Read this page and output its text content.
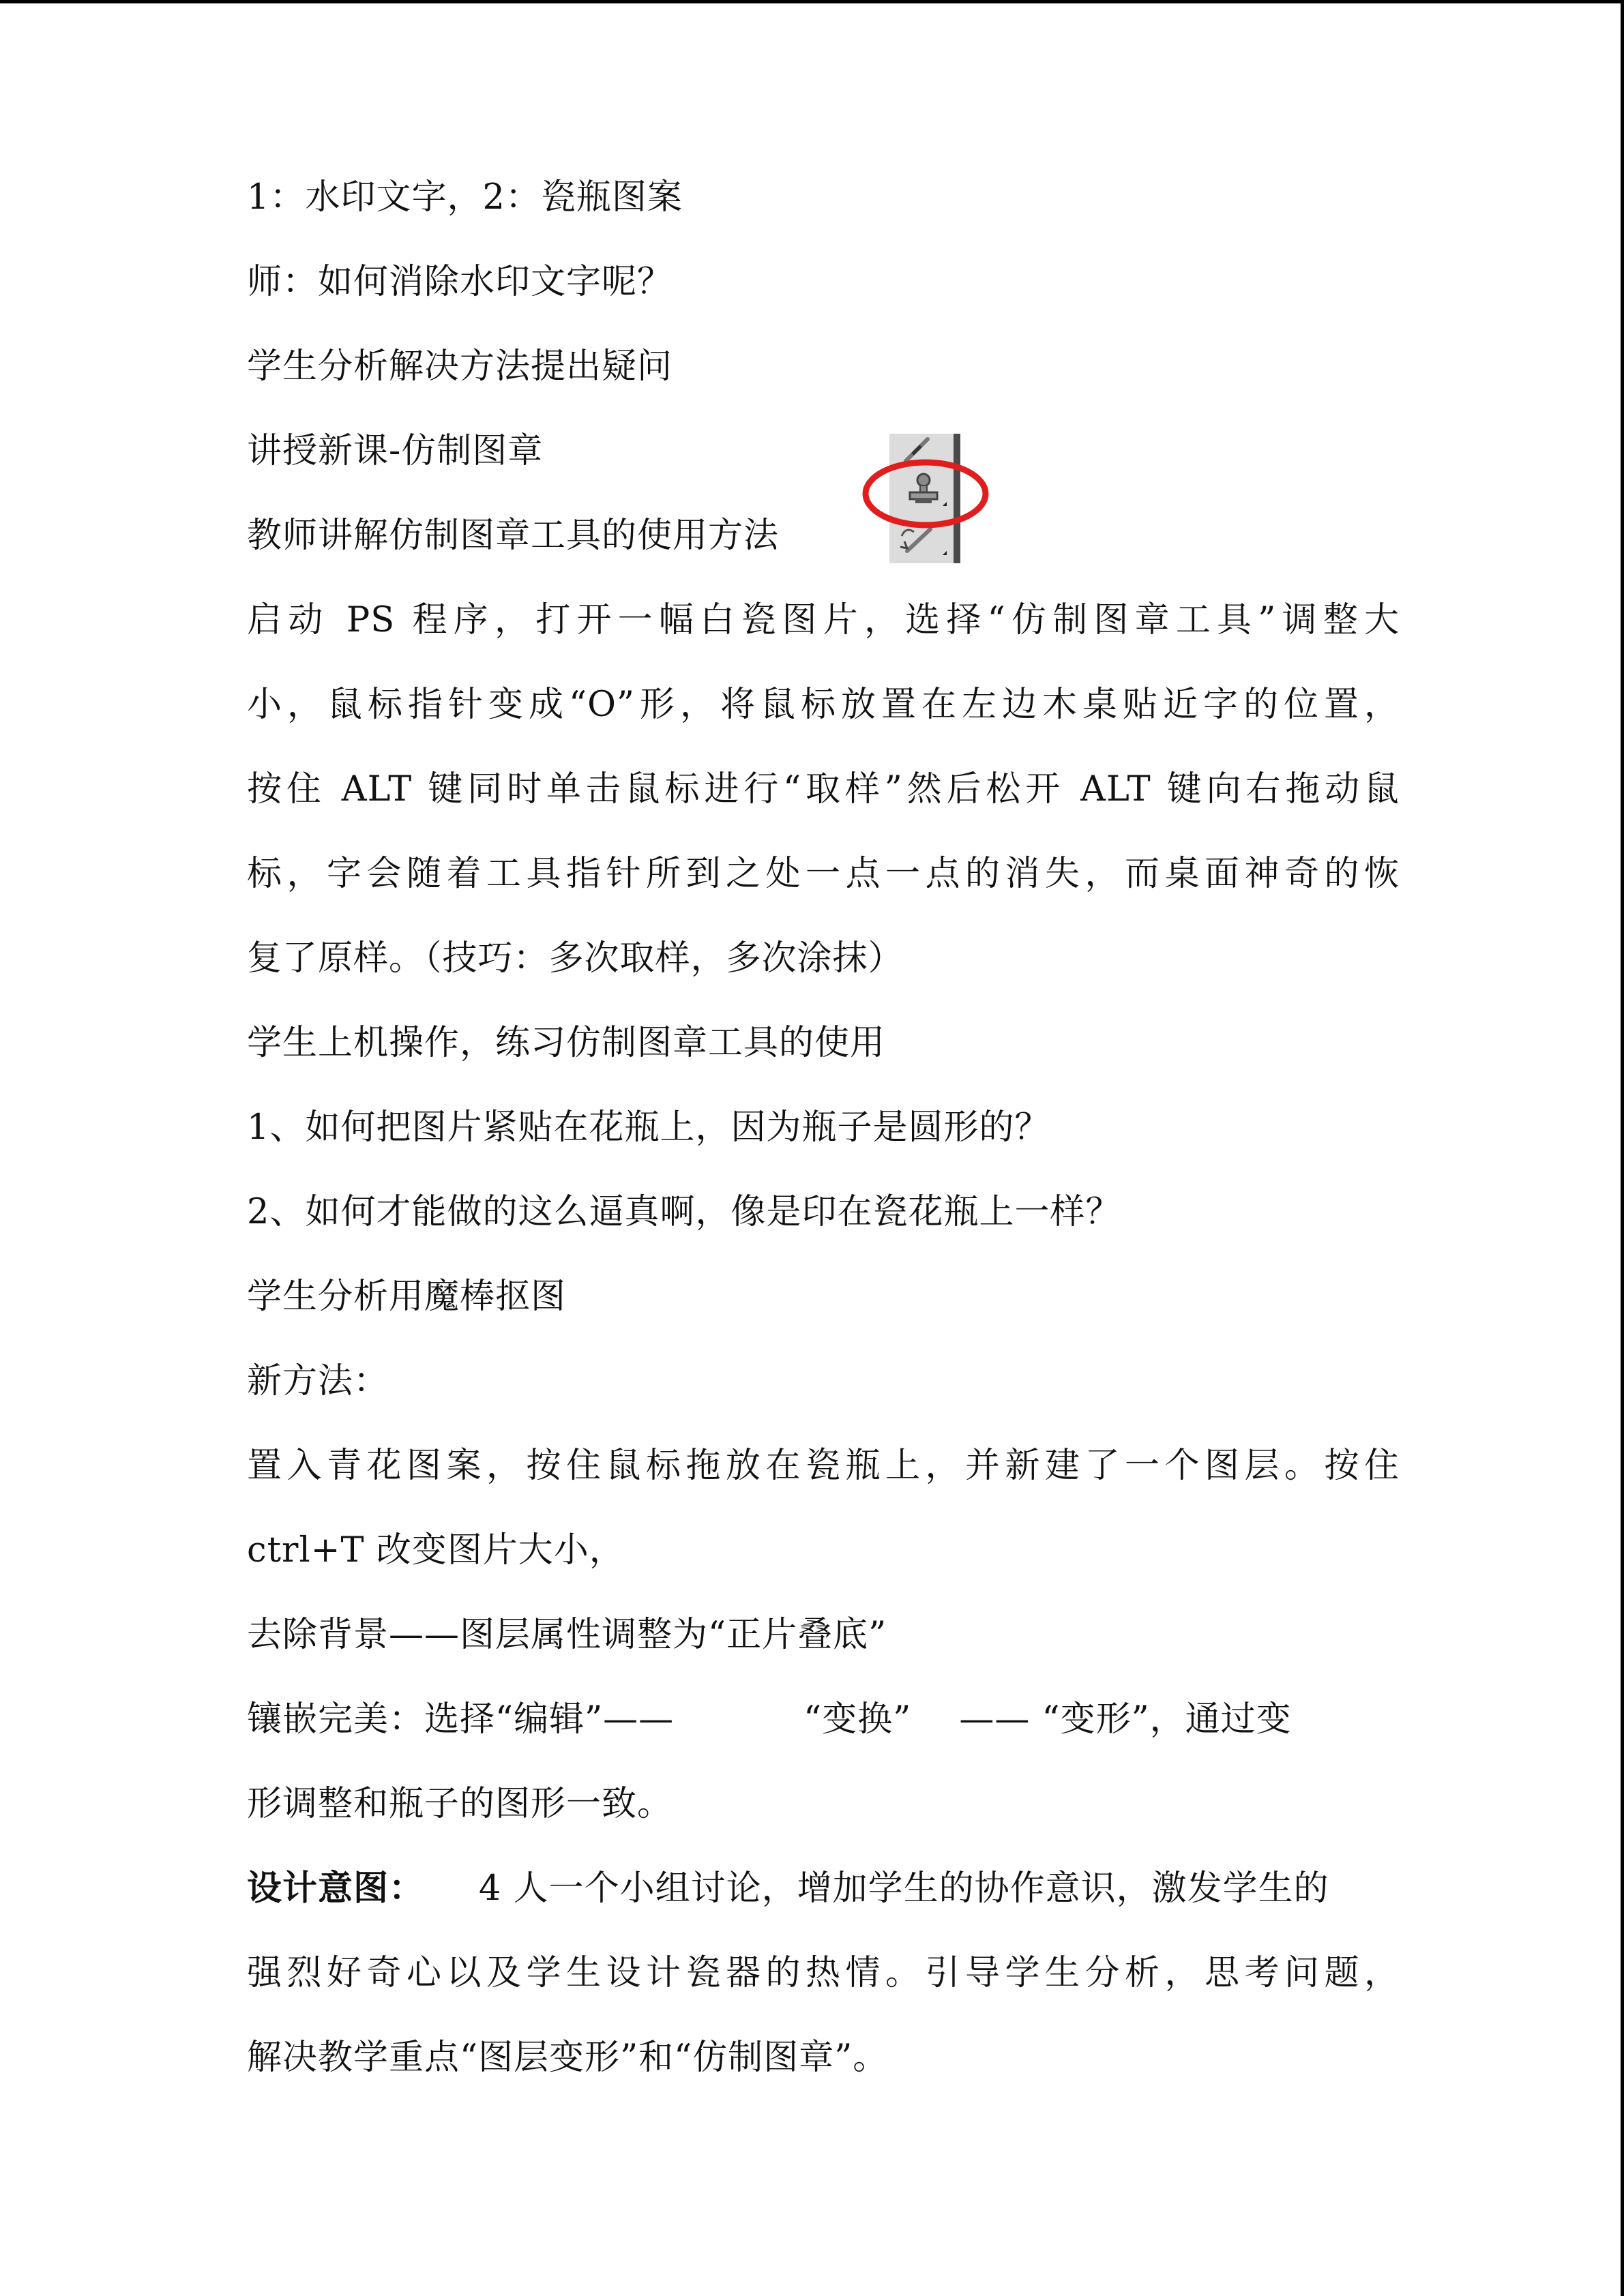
1：水印文字，2：瓷瓶图案
师：如何消除水印文字呢？
学生分析解决方法提出疑问
讲授新课-仿制图章
教师讲解仿制图章工具的使用方法
启动 PS 程序，打开一幅白瓷图片，选择“仿制图章工具”调整大
小，鼠标指针变成“O”形，将鼠标放置在左边木桌贴近字的位置，
按住 ALT 键同时单击鼠标进行“取样”然后松开 ALT 键向右拖动鼠
标，字会随着工具指针所到之处一点一点的消失，而桌面神奇的恢
复了原样。（技巧：多次取样，多次涂抹）
学生上机操作，练习仿制图章工具的使用
1、如何把图片紧贴在花瓶上，因为瓶子是圆形的？
2、如何才能做的这么逼真啊，像是印在瓷花瓶上一样？
学生分析用魔棒抠图
新方法：
置入青花图案，按住鼠标拖放在瓷瓶上，并新建了一个图层。按住
ctrl+T 改变图片大小，
去除背景——图层属性调整为“正片叠底”
镶嵌完美：选择“编辑”——	“变换” —— “变形”，通过变
形调整和瓶子的图形一致。
设计意图： 4 人一个小组讨论，增加学生的协作意识，激发学生的
强烈好奇心以及学生设计瓷器的热情。引导学生分析，思考问题，
解决教学重点“图层变形”和“仿制图章”。
